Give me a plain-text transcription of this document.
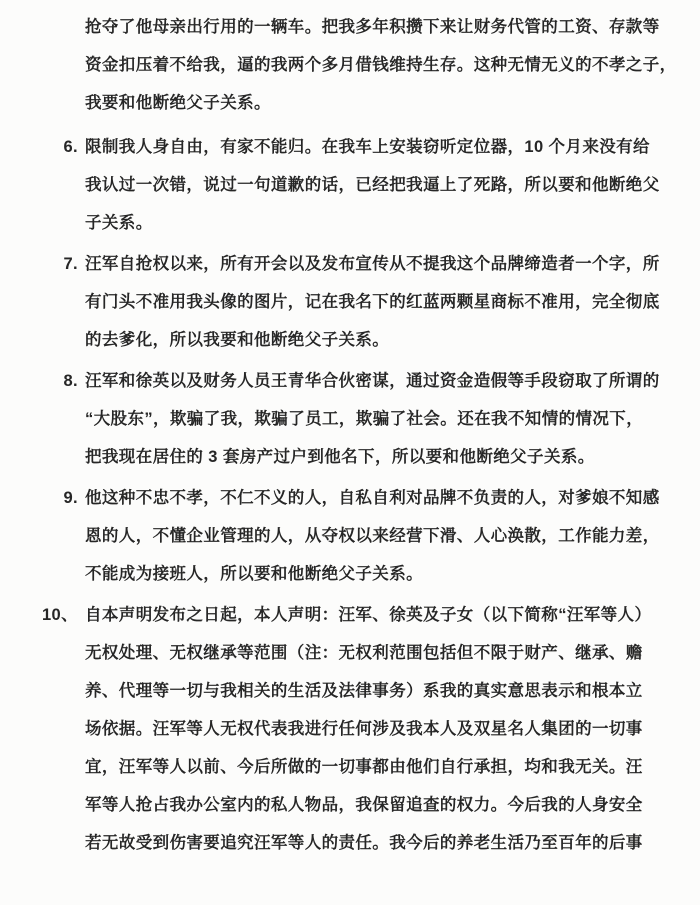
抢夺了他母亲出行用的一辆车。把我多年积攒下来让财务代管的工资、存款等
资金扣压着不给我，逼的我两个多月借钱维持生存。这种无情无义的不孝之子，
我要和他断绝父子关系。
6. 限制我人身自由，有家不能归。在我车上安装窃听定位器，10 个月来没有给
我认过一次错，说过一句道歉的话，已经把我逼上了死路，所以要和他断绝父
子关系。
7. 汪军自抢权以来，所有开会以及发布宣传从不提我这个品牌缔造者一个字，所
有门头不准用我头像的图片，记在我名下的红蓝两颗星商标不准用，完全彻底
的去爹化，所以我要和他断绝父子关系。
8. 汪军和徐英以及财务人员王青华合伙密谋，通过资金造假等手段窃取了所谓的
“大股东”，欺骗了我，欺骗了员工，欺骗了社会。还在我不知情的情况下，
把我现在居住的 3 套房产过户到他名下，所以要和他断绝父子关系。
9. 他这种不忠不孝，不仁不义的人，自私自利对品牌不负责的人，对爹娘不知感
恩的人，不懂企业管理的人，从夺权以来经营下滑、人心涣散，工作能力差，
不能成为接班人，所以要和他断绝父子关系。
10、 自本声明发布之日起，本人声明：汪军、徐英及子女（以下简称“汪军等人）
无权处理、无权继承等范围（注：无权利范围包括但不限于财产、继承、赡
养、代理等一切与我相关的生活及法律事务）系我的真实意思表示和根本立
场依据。汪军等人无权代表我进行任何涉及我本人及双星名人集团的一切事
宜，汪军等人以前、今后所做的一切事都由他们自行承担，均和我无关。汪
军等人抢占我办公室内的私人物品，我保留追查的权力。今后我的人身安全
若无故受到伤害要追究汪军等人的责任。我今后的养老生活乃至百年的后事
